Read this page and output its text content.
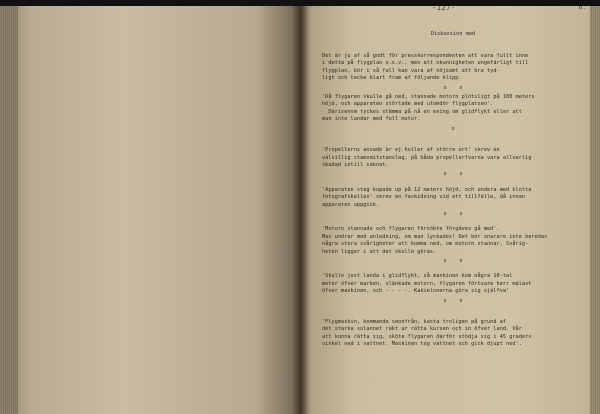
-127-	6.

Diskussion med

Det är ju af så godt för presskorrespondenten att vara fullt inne
i detta på flygplan o.s.v., men att okunnigheten ungefärligt till
flygplan, bör i så fall kan vara af nöjsamt att bra tyd-
ligt och tecke klart fram af följande klipp.
x    x
'Då flygaren skulle gå ned, stannade motorn plötsligt på 100 meters
höjd, och apparaten störtade med utomdör flygplatsen'.
Därisenom tyckes stämma på nå en ening om glidflykt eller att
man inte landar med full motor.
x
'Propellerns ansade är ej hoiler af större ort' skrev en
välvillig stamsmitstanslag, på båda propellerfvarna vara allvarlig
skadad intill saknat.
x    x
'Apparaten steg kopade up på 12 meters höjd, och undera med blotta
fotografskallen' skrev en fackidning vid ett tillfälle, då innan
apparaten uppgick.
x    x
'Motorn stannade och flygaren försökte förgäves gå med'.
Man undrar med anledning, om man lyckades! Det bör snarare inte beredas
några stora svårigheter att komma ned, om motorn stannar. Svårig-
heten ligger i att det skulle göras.
x    x
'Skulle just landa i glidflykt, så mankinen kom några 10-tal
meter öfver marken, slänkade motorn, flygaren förtvare herr mälast
öfver maskinen, och - - - -. Kakielonerna göra sig själfva'
x    x
'Flygmaskin, kommande seonfrån, kasta troligen på grund af
det starka solannet rakt ur rätta kursen och in öfver land. Vår
att kunna rätta sig, sköte flygaren därför stödja sig i 45 graders
vinkel ned i vattnet. Maskinen tog vattnet och gick djupt ned'.
